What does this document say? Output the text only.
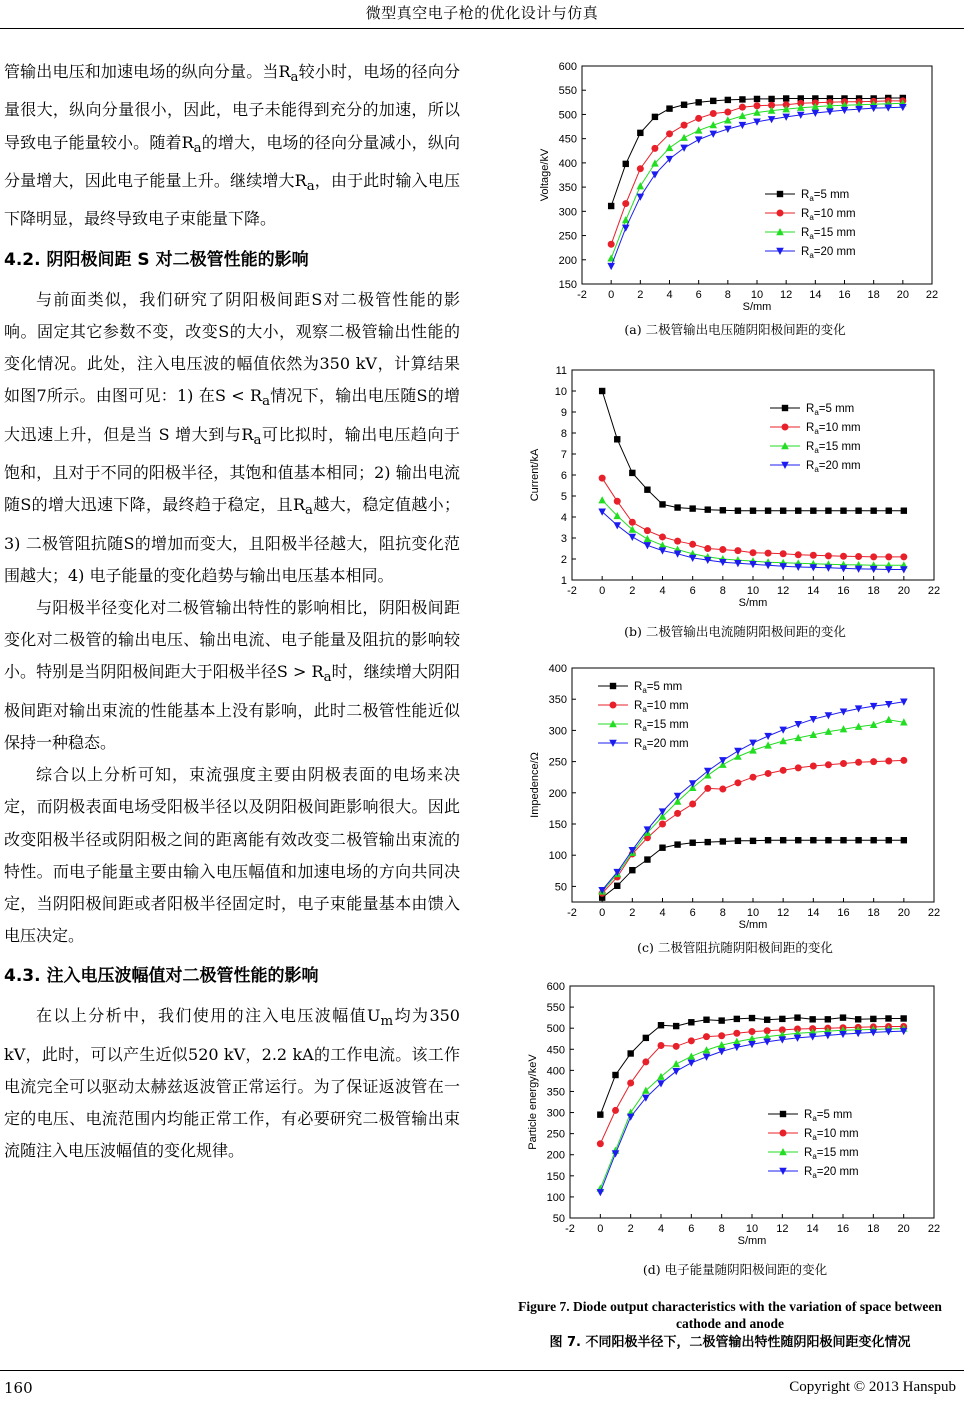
微型真空电子枪的优化设计与仿真

管输出电压和加速电场的纵向分量。当$R_a$较小时，电场的径向分量很大，纵向分量很小，因此，电子未能得到充分的加速，所以导致电子能量较小。随着$R_a$的增大，电场的径向分量减小，纵向分量增大，因此电子能量上升。继续增大$R_a$，由于此时输入电压下降明显，最终导致电子束能量下降。

4.2. 阴阳极间距 S 对二极管性能的影响

与前面类似，我们研究了阴阳极间距S对二极管性能的影响。固定其它参数不变，改变S的大小，观察二极管输出性能的变化情况。此处，注入电压波的幅值依然为350 kV，计算结果如图7所示。由图可见：1) 在$S < R_a$情况下，输出电压随S的增大迅速上升，但是当 S 增大到与$R_a$可比拟时，输出电压趋向于饱和，且对于不同的阳极半径，其饱和值基本相同；2) 输出电流随S的增大迅速下降，最终趋于稳定，且$R_a$越大，稳定值越小；3) 二极管阻抗随S的增加而变大，且阳极半径越大，阻抗变化范围越大；4) 电子能量的变化趋势与输出电压基本相同。

与阳极半径变化对二极管输出特性的影响相比，阴阳极间距变化对二极管的输出电压、输出电流、电子能量及阻抗的影响较小。特别是当阴阳极间距大于阳极半径$S > R_a$时，继续增大阴阳极间距对输出束流的性能基本上没有影响，此时二极管性能近似保持一种稳态。

综合以上分析可知，束流强度主要由阴极表面的电场来决定，而阴极表面电场受阳极半径以及阴阳极间距影响很大。因此改变阳极半径或阴阳极之间的距离能有效改变二极管输出束流的特性。而电子能量主要由输入电压幅值和加速电场的方向共同决定，当阴阳极间距或者阳极半径固定时，电子束能量基本由馈入电压决定。

4.3. 注入电压波幅值对二极管性能的影响

在以上分析中，我们使用的注入电压波幅值$U_m$均为350 kV，此时，可以产生近似520 kV，2.2 kA的工作电流。该工作电流完全可以驱动太赫兹返波管正常运行。为了保证返波管在一定的电压、电流范围内均能正常工作，有必要研究二极管输出束流随注入电压波幅值的变化规律。

-2 0 2 4 6 8 10 12 14 16 18 20 22
150
200
250
300
350
400
450
500
550
600
S/mm
Voltage/kV	$R_a=5$ mm
$R_a=10$ mm
$R_a=15$ mm
$R_a=20$ mm
(a) 二极管输出电压随阴阳极间距的变化
-2 0 2 4 6 8 10 12 14 16 18 20 22
1
2
3
4
5
6
7
8
9
10
11
S/mm
Current/kA
$R_a=5$ mm
$R_a=10$ mm
$R_a=15$ mm
$R_a=20$ mm
(b) 二极管输出电流随阴阳极间距的变化
-2 0 2 4 6 8 10 12 14 16 18 20 22
50
100
150
200
250
300
350
400
S/mm
Impedence/Ω
$R_a=5$ mm
$R_a=10$ mm
$R_a=15$ mm
$R_a=20$ mm
(c) 二极管阻抗随阴阳极间距的变化
-2 0 2 4 6 8 10 12 14 16 18 20 22
50
100
150
200
250
300
350
400
450
500
550
600
S/mm
Particle energy/keV	$R_a=5$ mm
$R_a=10$ mm
$R_a=15$ mm
$R_a=20$ mm
(d) 电子能量随阴阳极间距的变化
Figure 7. Diode output characteristics with the variation of space between cathode and anode
图 7. 不同阳极半径下，二极管输出特性随阴阳极间距变化情况
160	Copyright © 2013 Hanspub
